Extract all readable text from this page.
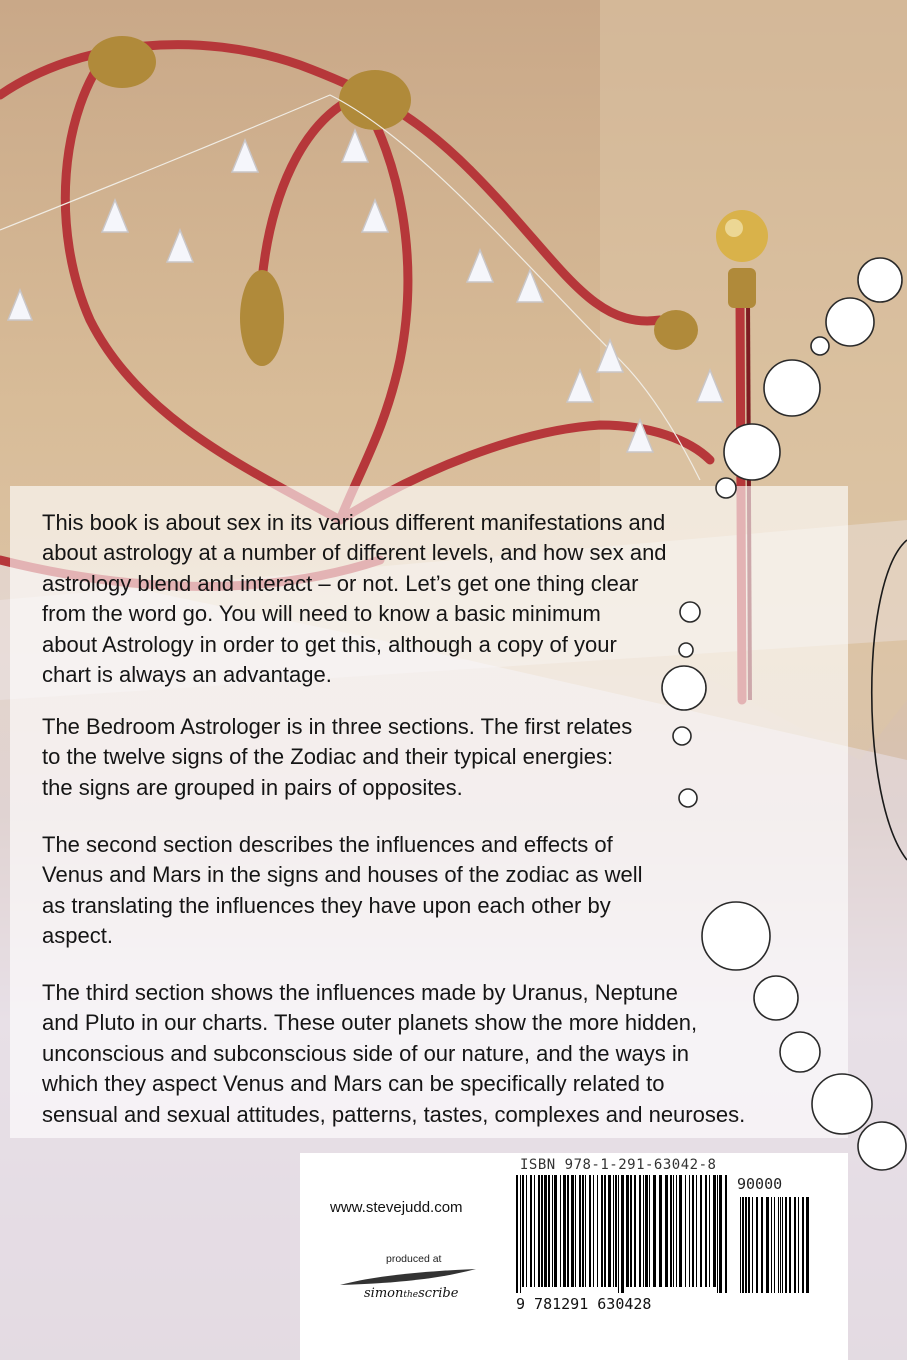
This book is about sex in its various different manifestations and
about astrology at a number of different levels, and how sex and
astrology blend and interact – or not. Let’s get one thing clear
from the word go. You will need to know a basic minimum
about Astrology in order to get this, although a copy of your
chart is always an advantage.
The Bedroom Astrologer is in three sections. The first relates
to the twelve signs of the Zodiac and their typical energies:
the signs are grouped in pairs of opposites.
The second section describes the influences and effects of
Venus and Mars in the signs and houses of the zodiac as well
as translating the influences they have upon each other by
aspect.
The third section shows the influences made by Uranus, Neptune
and Pluto in our charts. These outer planets show the more hidden,
unconscious and subconscious side of our nature, and the ways in
which they aspect Venus and Mars can be specifically related to
sensual and sexual attitudes, patterns, tastes, complexes and neuroses.
www.stevejudd.com
produced at
simonthescribe
ISBN 978-1-291-63042-8
90000
9 781291 630428
